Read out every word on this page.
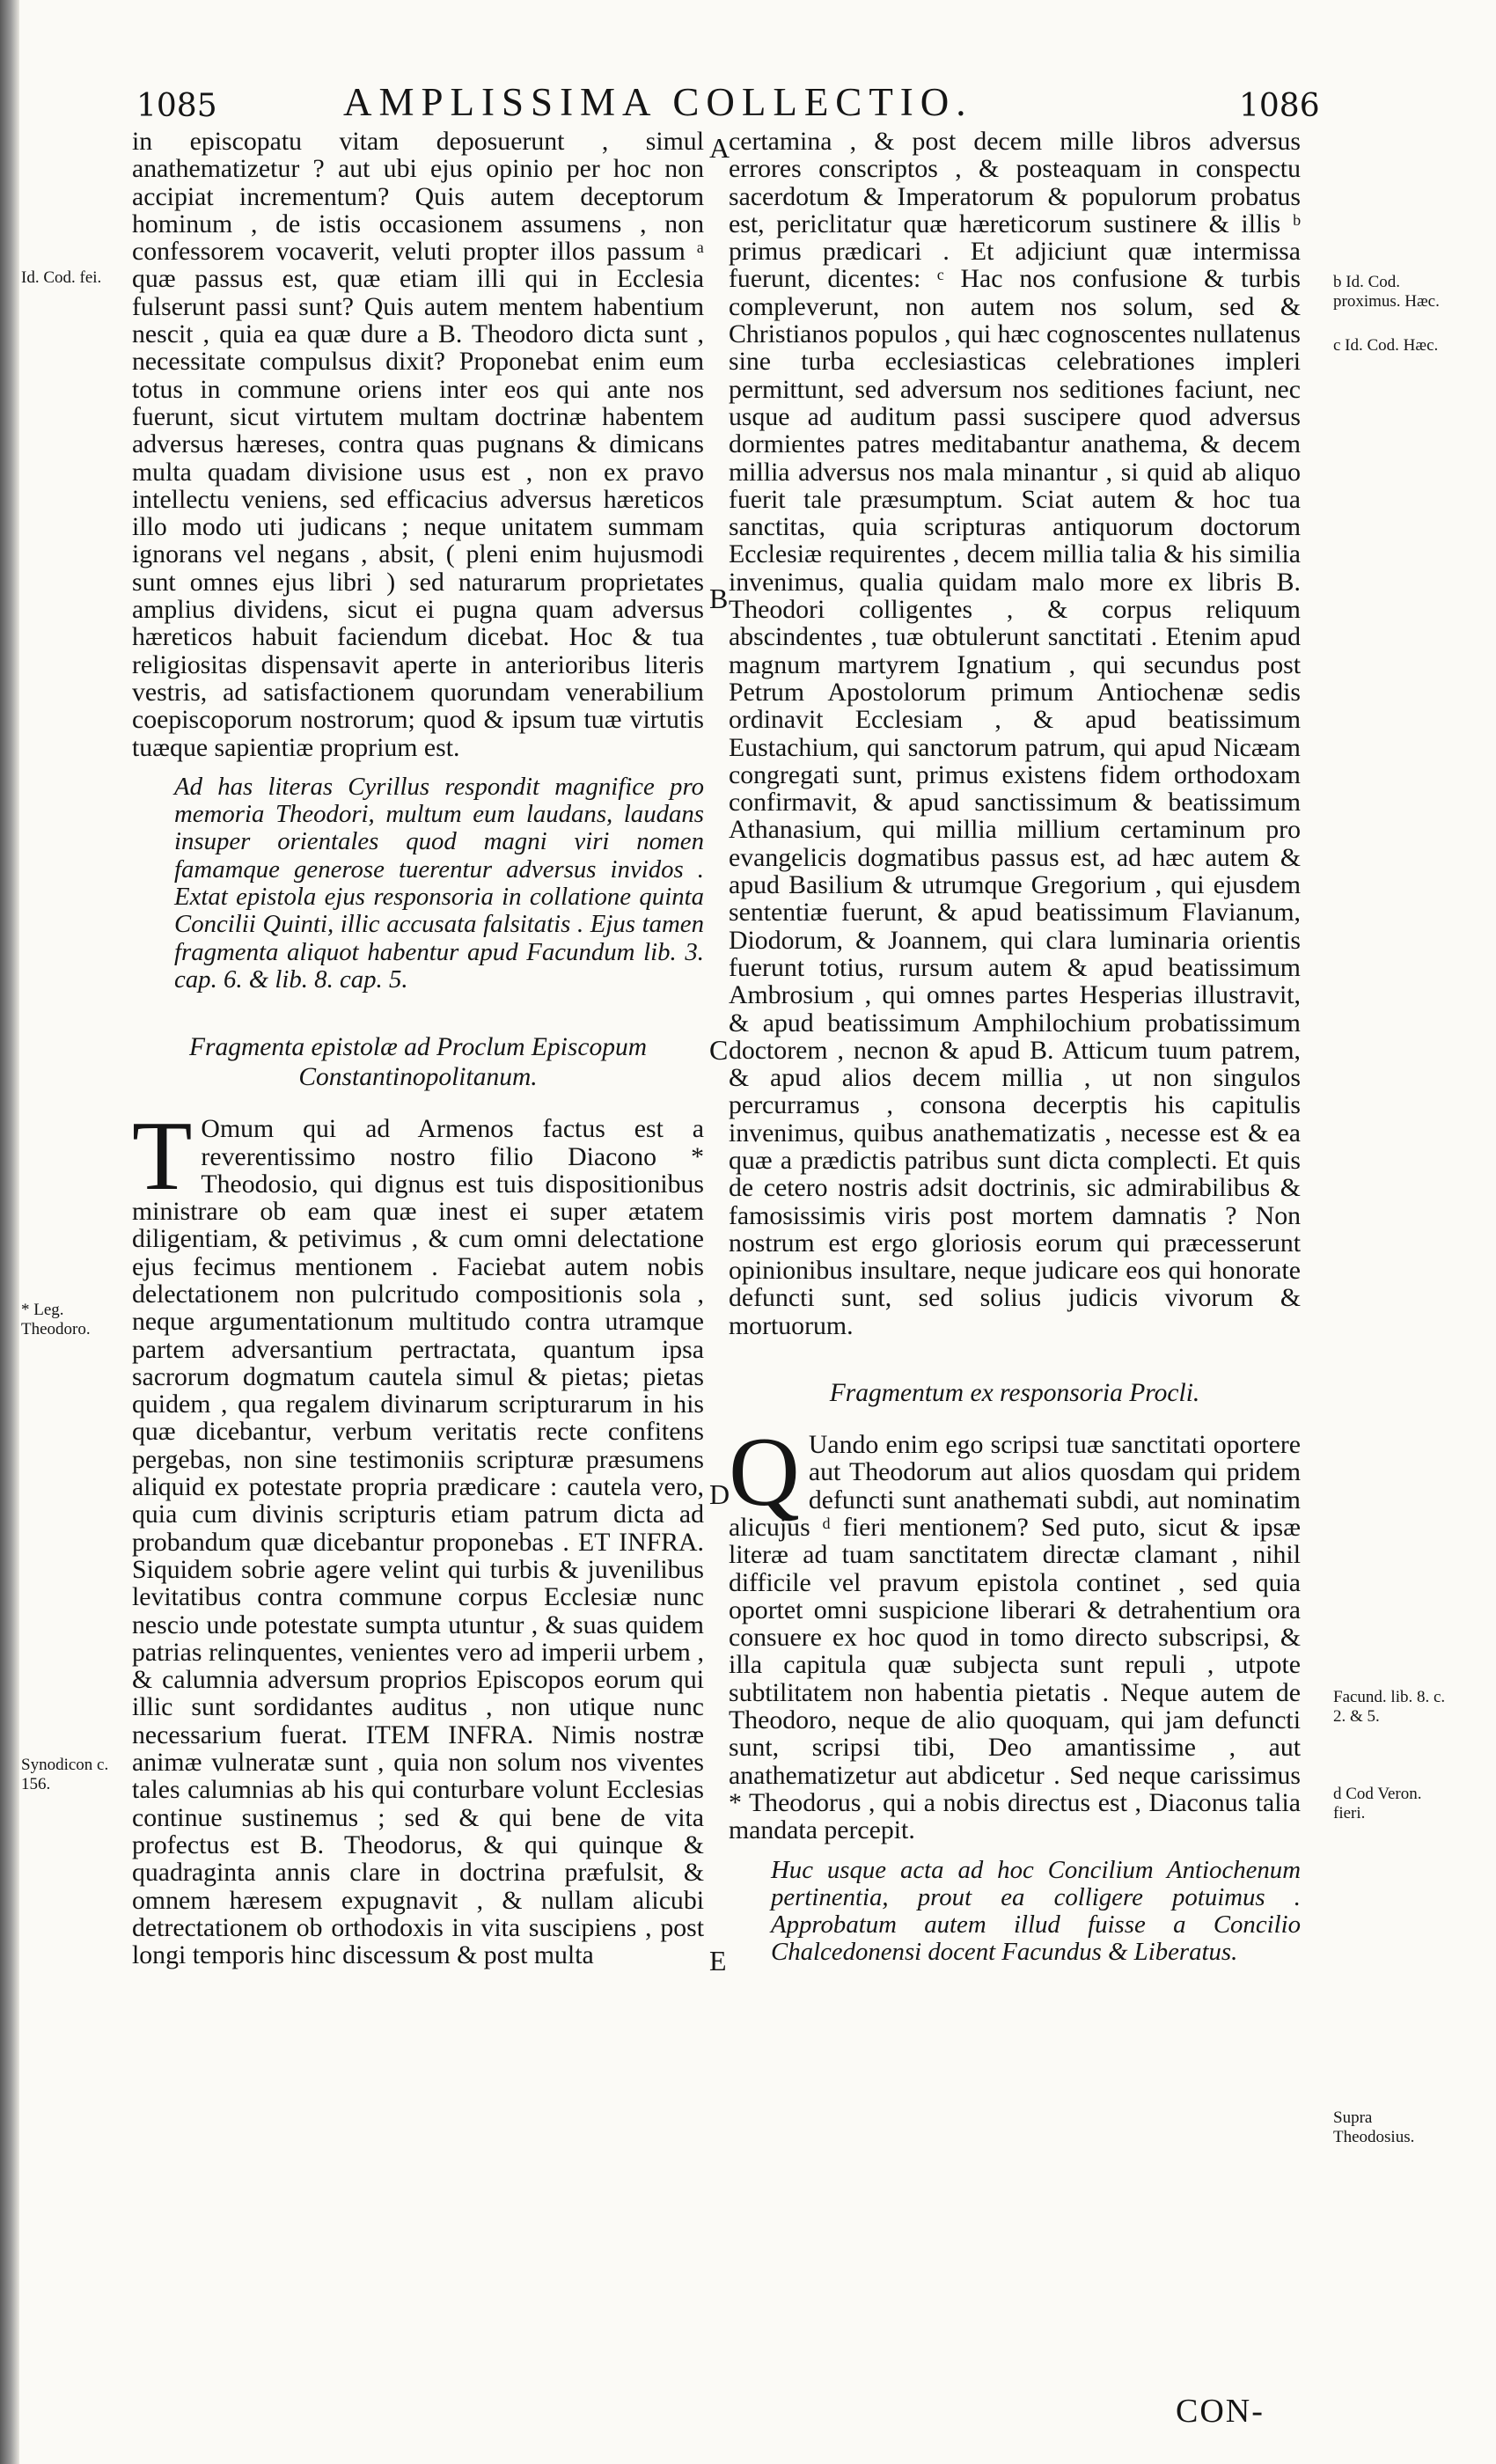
1085	AMPLISSIMA COLLECTIO.	1086

in episcopatu vitam deposuerunt , simul anathematizetur ? aut ubi ejus opinio per hoc non accipiat incrementum? Quis autem deceptorum hominum , de istis occasionem assumens , non confessorem vocaverit, veluti propter illos passum ᵃ quæ passus est, quæ etiam illi qui in Ecclesia fulserunt passi sunt? Quis autem mentem habentium nescit , quia ea quæ dure a B. Theodoro dicta sunt , necessitate compulsus dixit? Proponebat enim eum totus in commune oriens inter eos qui ante nos fuerunt, sicut virtutem multam doctrinæ habentem adversus hæreses, contra quas pugnans & dimicans multa quadam divisione usus est , non ex pravo intellectu veniens, sed efficacius adversus hæreticos illo modo uti judicans ; neque unitatem summam ignorans vel negans , absit, ( pleni enim hujusmodi sunt omnes ejus libri ) sed naturarum proprietates amplius dividens, sicut ei pugna quam adversus hæreticos habuit faciendum dicebat. Hoc & tua religiositas dispensavit aperte in anterioribus literis vestris, ad satisfactionem quorundam venerabilium coepiscoporum nostrorum; quod & ipsum tuæ virtutis tuæque sapientiæ proprium est.

Ad has literas Cyrillus respondit magnifice pro memoria Theodori, multum eum laudans, laudans insuper orientales quod magni viri nomen famamque generose tuerentur adversus invidos . Extat epistola ejus responsoria in collatione quinta Concilii Quinti, illic accusata falsitatis . Ejus tamen fragmenta aliquot habentur apud Facundum lib. 3. cap. 6. & lib. 8. cap. 5.

Fragmenta epistolæ ad Proclum Episcopum Constantinopolitanum.

T Omum qui ad Armenos factus est a reverentissimo nostro filio Diacono * Theodosio, qui dignus est tuis dispositionibus ministrare ob eam quæ inest ei super ætatem diligentiam, & petivimus , & cum omni delectatione ejus fecimus mentionem . Faciebat autem nobis delectationem non pulcritudo compositionis sola , neque argumentationum multitudo contra utramque partem adversantium pertractata, quantum ipsa sacrorum dogmatum cautela simul & pietas; pietas quidem , qua regalem divinarum scripturarum in his quæ dicebantur, verbum veritatis recte confitens pergebas, non sine testimoniis scripturæ præsumens aliquid ex potestate propria prædicare : cautela vero, quia cum divinis scripturis etiam patrum dicta ad probandum quæ dicebantur proponebas . ET INFRA. Siquidem sobrie agere velint qui turbis & juvenilibus levitatibus contra commune corpus Ecclesiæ nunc nescio unde potestate sumpta utuntur , & suas quidem patrias relinquentes, venientes vero ad imperii urbem , & calumnia adversum proprios Episcopos eorum qui illic sunt sordidantes auditus , non utique nunc necessarium fuerat. ITEM INFRA. Nimis nostræ animæ vulneratæ sunt , quia non solum nos viventes tales calumnias ab his qui conturbare volunt Ecclesias continue sustinemus ; sed & qui bene de vita profectus est B. Theodorus, & qui quinque & quadraginta annis clare in doctrina præfulsit, & omnem hæresem expugnavit , & nullam alicubi detrectationem ob orthodoxis in vita suscipiens , post longi temporis hinc discessum & post multa

certamina , & post decem mille libros adversus errores conscriptos , & posteaquam in conspectu sacerdotum & Imperatorum & populorum probatus est, periclitatur quæ hæreticorum sustinere & illis ᵇ primus prædicari . Et adjiciunt quæ intermissa fuerunt, dicentes: ᶜ Hac nos confusione & turbis compleverunt, non autem nos solum, sed & Christianos populos , qui hæc cognoscentes nullatenus sine turba ecclesiasticas celebrationes impleri permittunt, sed adversum nos seditiones faciunt, nec usque ad auditum passi suscipere quod adversus dormientes patres meditabantur anathema, & decem millia adversus nos mala minantur , si quid ab aliquo fuerit tale præsumptum. Sciat autem & hoc tua sanctitas, quia scripturas antiquorum doctorum Ecclesiæ requirentes , decem millia talia & his similia invenimus, qualia quidam malo more ex libris B. Theodori colligentes , & corpus reliquum abscindentes , tuæ obtulerunt sanctitati . Etenim apud magnum martyrem Ignatium , qui secundus post Petrum Apostolorum primum Antiochenæ sedis ordinavit Ecclesiam , & apud beatissimum Eustachium, qui sanctorum patrum, qui apud Nicæam congregati sunt, primus existens fidem orthodoxam confirmavit, & apud sanctissimum & beatissimum Athanasium, qui millia millium certaminum pro evangelicis dogmatibus passus est, ad hæc autem & apud Basilium & utrumque Gregorium , qui ejusdem sententiæ fuerunt, & apud beatissimum Flavianum, Diodorum, & Joannem, qui clara luminaria orientis fuerunt totius, rursum autem & apud beatissimum Ambrosium , qui omnes partes Hesperias illustravit, & apud beatissimum Amphilochium probatissimum doctorem , necnon & apud B. Atticum tuum patrem, & apud alios decem millia , ut non singulos percurramus , consona decerptis his capitulis invenimus, quibus anathematizatis , necesse est & ea quæ a prædictis patribus sunt dicta complecti. Et quis de cetero nostris adsit doctrinis, sic admirabilibus & famosissimis viris post mortem damnatis ? Non nostrum est ergo gloriosis eorum qui præcesserunt opinionibus insultare, neque judicare eos qui honorate defuncti sunt, sed solius judicis vivorum & mortuorum.

Fragmentum ex responsoria Procli.

Q Uando enim ego scripsi tuæ sanctitati oportere aut Theodorum aut alios quosdam qui pridem defuncti sunt anathemati subdi, aut nominatim alicujus ᵈ fieri mentionem? Sed puto, sicut & ipsæ literæ ad tuam sanctitatem directæ clamant , nihil difficile vel pravum epistola continet , sed quia oportet omni suspicione liberari & detrahentium ora consuere ex hoc quod in tomo directo subscripsi, & illa capitula quæ subjecta sunt repuli , utpote subtilitatem non habentia pietatis . Neque autem de Theodoro, neque de alio quoquam, qui jam defuncti sunt, scripsi tibi, Deo amantissime , aut anathematizetur aut abdicetur . Sed neque carissimus * Theodorus , qui a nobis directus est , Diaconus talia mandata percepit.

Huc usque acta ad hoc Concilium Antiochenum pertinentia, prout ea colligere potuimus . Approbatum autem illud fuisse a Concilio Chalcedonensi docent Facundus & Liberatus.

A
B
C
D
E
Id. Cod. fei.
* Leg. Theodoro.
Synodicon c. 156.
b Id. Cod. proximus. Hæc.
c Id. Cod. Hæc.
Facund. lib. 8. c. 2. & 5.
d Cod Veron. fieri.
Supra Theodosius.
CON-
